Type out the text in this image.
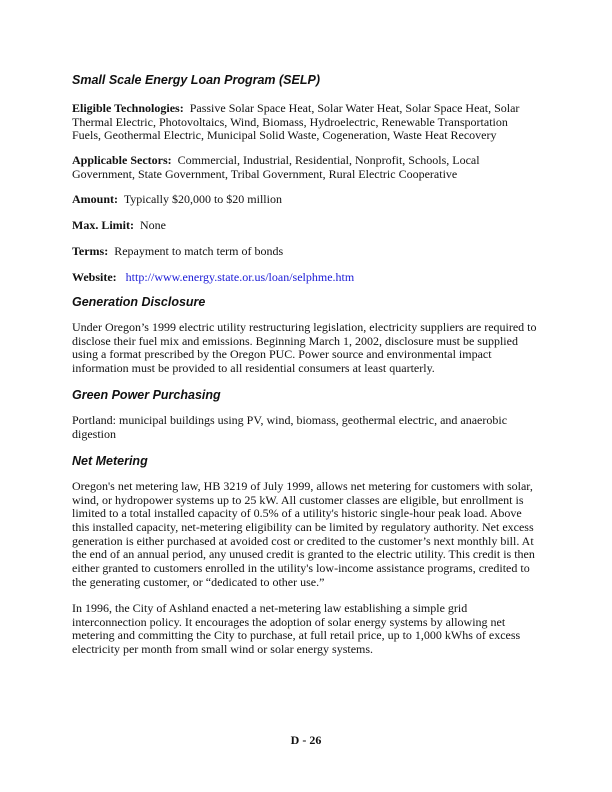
Small Scale Energy Loan Program (SELP)
Eligible Technologies: Passive Solar Space Heat, Solar Water Heat, Solar Space Heat, Solar
Thermal Electric, Photovoltaics, Wind, Biomass, Hydroelectric, Renewable Transportation
Fuels, Geothermal Electric, Municipal Solid Waste, Cogeneration, Waste Heat Recovery
Applicable Sectors: Commercial, Industrial, Residential, Nonprofit, Schools, Local
Government, State Government, Tribal Government, Rural Electric Cooperative
Amount: Typically $20,000 to $20 million
Max. Limit: None
Terms: Repayment to match term of bonds
Website: http://www.energy.state.or.us/loan/selphme.htm
Generation Disclosure
Under Oregon’s 1999 electric utility restructuring legislation, electricity suppliers are required to
disclose their fuel mix and emissions. Beginning March 1, 2002, disclosure must be supplied
using a format prescribed by the Oregon PUC. Power source and environmental impact
information must be provided to all residential consumers at least quarterly.
Green Power Purchasing
Portland: municipal buildings using PV, wind, biomass, geothermal electric, and anaerobic
digestion
Net Metering
Oregon's net metering law, HB 3219 of July 1999, allows net metering for customers with solar,
wind, or hydropower systems up to 25 kW. All customer classes are eligible, but enrollment is
limited to a total installed capacity of 0.5% of a utility's historic single-hour peak load. Above
this installed capacity, net-metering eligibility can be limited by regulatory authority. Net excess
generation is either purchased at avoided cost or credited to the customer’s next monthly bill. At
the end of an annual period, any unused credit is granted to the electric utility. This credit is then
either granted to customers enrolled in the utility's low-income assistance programs, credited to
the generating customer, or “dedicated to other use.”
In 1996, the City of Ashland enacted a net-metering law establishing a simple grid
interconnection policy. It encourages the adoption of solar energy systems by allowing net
metering and committing the City to purchase, at full retail price, up to 1,000 kWhs of excess
electricity per month from small wind or solar energy systems.
D - 26
